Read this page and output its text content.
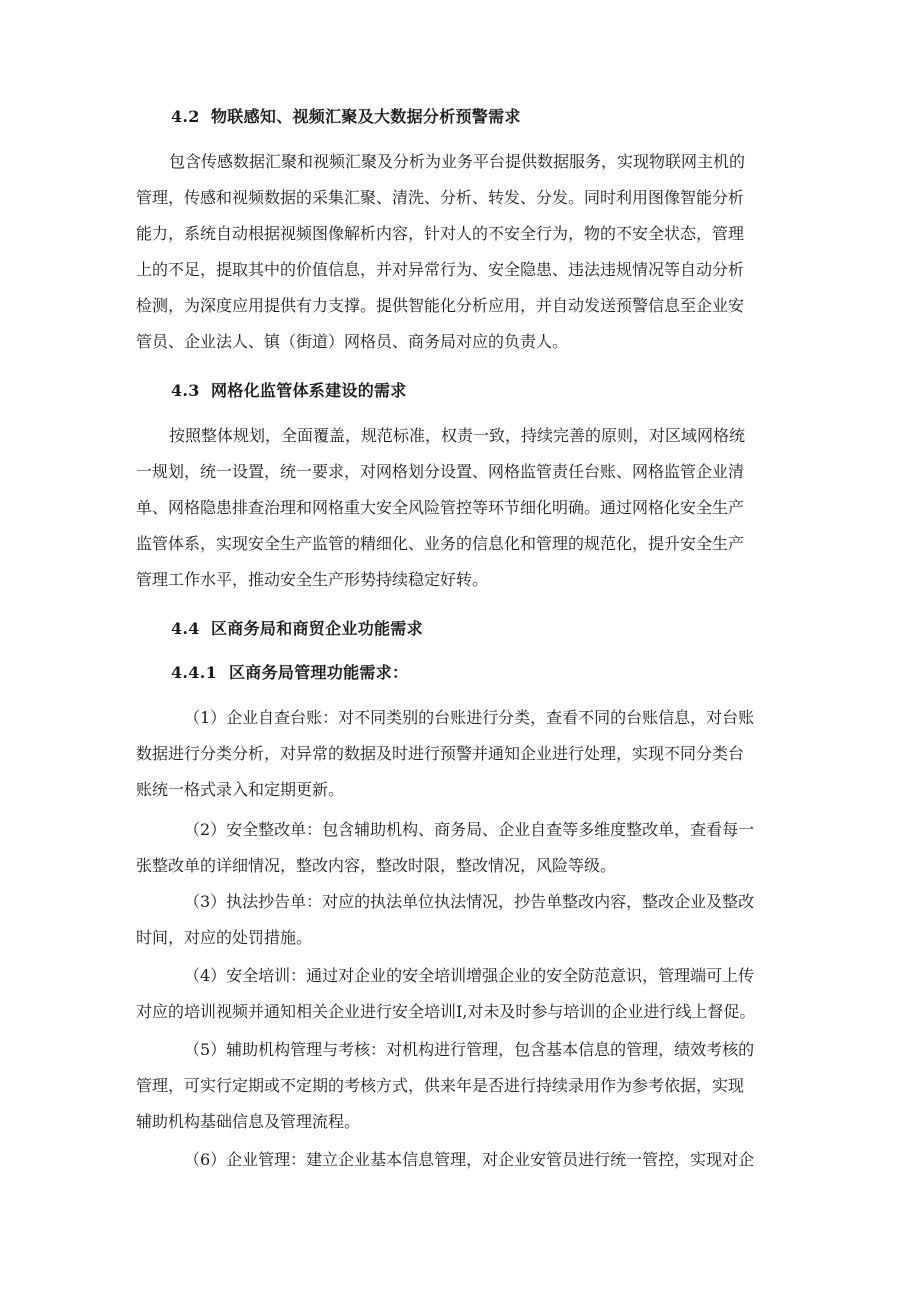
4.2 物联感知、视频汇聚及大数据分析预警需求
包含传感数据汇聚和视频汇聚及分析为业务平台提供数据服务，实现物联网主机的
管理，传感和视频数据的采集汇聚、清洗、分析、转发、分发。同时利用图像智能分析
能力，系统自动根据视频图像解析内容，针对人的不安全行为，物的不安全状态，管理
上的不足，提取其中的价值信息，并对异常行为、安全隐患、违法违规情况等自动分析
检测，为深度应用提供有力支撑。提供智能化分析应用，并自动发送预警信息至企业安
管员、企业法人、镇（街道）网格员、商务局对应的负责人。
4.3 网格化监管体系建设的需求
按照整体规划，全面覆盖，规范标准，权责一致，持续完善的原则，对区域网格统
一规划，统一设置，统一要求，对网格划分设置、网格监管责任台账、网格监管企业清
单、网格隐患排查治理和网格重大安全风险管控等环节细化明确。通过网格化安全生产
监管体系，实现安全生产监管的精细化、业务的信息化和管理的规范化，提升安全生产
管理工作水平，推动安全生产形势持续稳定好转。
4.4 区商务局和商贸企业功能需求
4.4.1 区商务局管理功能需求：
（1）企业自查台账：对不同类别的台账进行分类，查看不同的台账信息，对台账
数据进行分类分析，对异常的数据及时进行预警并通知企业进行处理，实现不同分类台
账统一格式录入和定期更新。
（2）安全整改单：包含辅助机构、商务局、企业自查等多维度整改单，查看每一
张整改单的详细情况，整改内容，整改时限，整改情况，风险等级。
（3）执法抄告单：对应的执法单位执法情况，抄告单整改内容，整改企业及整改
时间，对应的处罚措施。
（4）安全培训：通过对企业的安全培训增强企业的安全防范意识，管理端可上传
对应的培训视频并通知相关企业进行安全培训I,对未及时参与培训的企业进行线上督促。
（5）辅助机构管理与考核：对机构进行管理，包含基本信息的管理，绩效考核的
管理，可实行定期或不定期的考核方式，供来年是否进行持续录用作为参考依据，实现
辅助机构基础信息及管理流程。
（6）企业管理：建立企业基本信息管理，对企业安管员进行统一管控，实现对企
